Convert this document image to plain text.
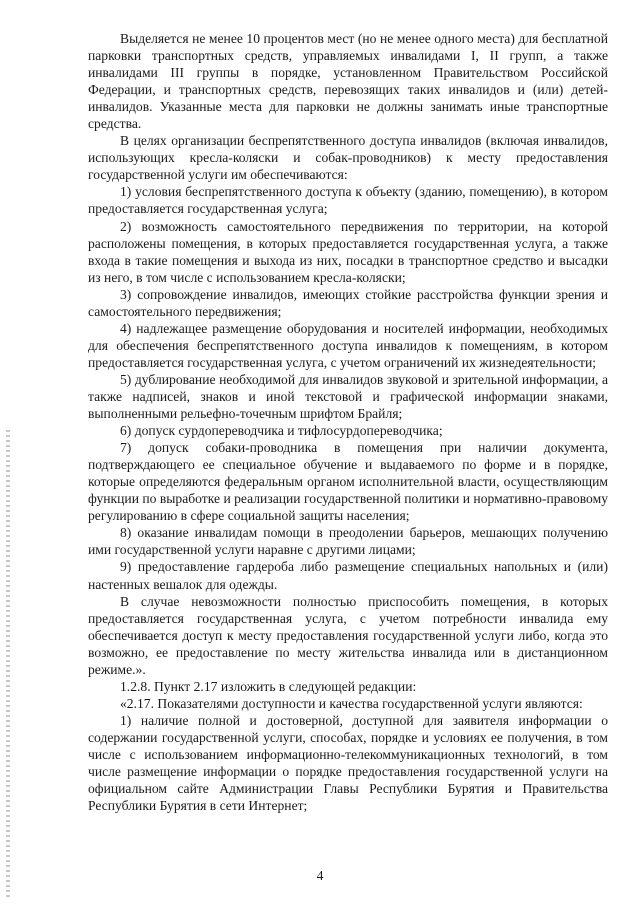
Выделяется не менее 10 процентов мест (но не менее одного места) для бесплатной парковки транспортных средств, управляемых инвалидами I, II групп, а также инвалидами III группы в порядке, установленном Правительством Российской Федерации, и транспортных средств, перевозящих таких инвалидов и (или) детей-инвалидов. Указанные места для парковки не должны занимать иные транспортные средства.

В целях организации беспрепятственного доступа инвалидов (включая инвалидов, использующих кресла-коляски и собак-проводников) к месту предоставления государственной услуги им обеспечиваются:

1) условия беспрепятственного доступа к объекту (зданию, помещению), в котором предоставляется государственная услуга;

2) возможность самостоятельного передвижения по территории, на которой расположены помещения, в которых предоставляется государственная услуга, а также входа в такие помещения и выхода из них, посадки в транспортное средство и высадки из него, в том числе с использованием кресла-коляски;

3) сопровождение инвалидов, имеющих стойкие расстройства функции зрения и самостоятельного передвижения;

4) надлежащее размещение оборудования и носителей информации, необходимых для обеспечения беспрепятственного доступа инвалидов к помещениям, в котором предоставляется государственная услуга, с учетом ограничений их жизнедеятельности;

5) дублирование необходимой для инвалидов звуковой и зрительной информации, а также надписей, знаков и иной текстовой и графической информации знаками, выполненными рельефно-точечным шрифтом Брайля;

6) допуск сурдопереводчика и тифлосурдопереводчика;

7) допуск собаки-проводника в помещения при наличии документа, подтверждающего ее специальное обучение и выдаваемого по форме и в порядке, которые определяются федеральным органом исполнительной власти, осуществляющим функции по выработке и реализации государственной политики и нормативно-правовому регулированию в сфере социальной защиты населения;

8) оказание инвалидам помощи в преодолении барьеров, мешающих получению ими государственной услуги наравне с другими лицами;

9) предоставление гардероба либо размещение специальных напольных и (или) настенных вешалок для одежды.

В случае невозможности полностью приспособить помещения, в которых предоставляется государственная услуга, с учетом потребности инвалида ему обеспечивается доступ к месту предоставления государственной услуги либо, когда это возможно, ее предоставление по месту жительства инвалида или в дистанционном режиме.».

1.2.8. Пункт 2.17 изложить в следующей редакции:

«2.17. Показателями доступности и качества государственной услуги являются:

1) наличие полной и достоверной, доступной для заявителя информации о содержании государственной услуги, способах, порядке и условиях ее получения, в том числе с использованием информационно-телекоммуникационных технологий, в том числе размещение информации о порядке предоставления государственной услуги на официальном сайте Администрации Главы Республики Бурятия и Правительства Республики Бурятия в сети Интернет;

4
